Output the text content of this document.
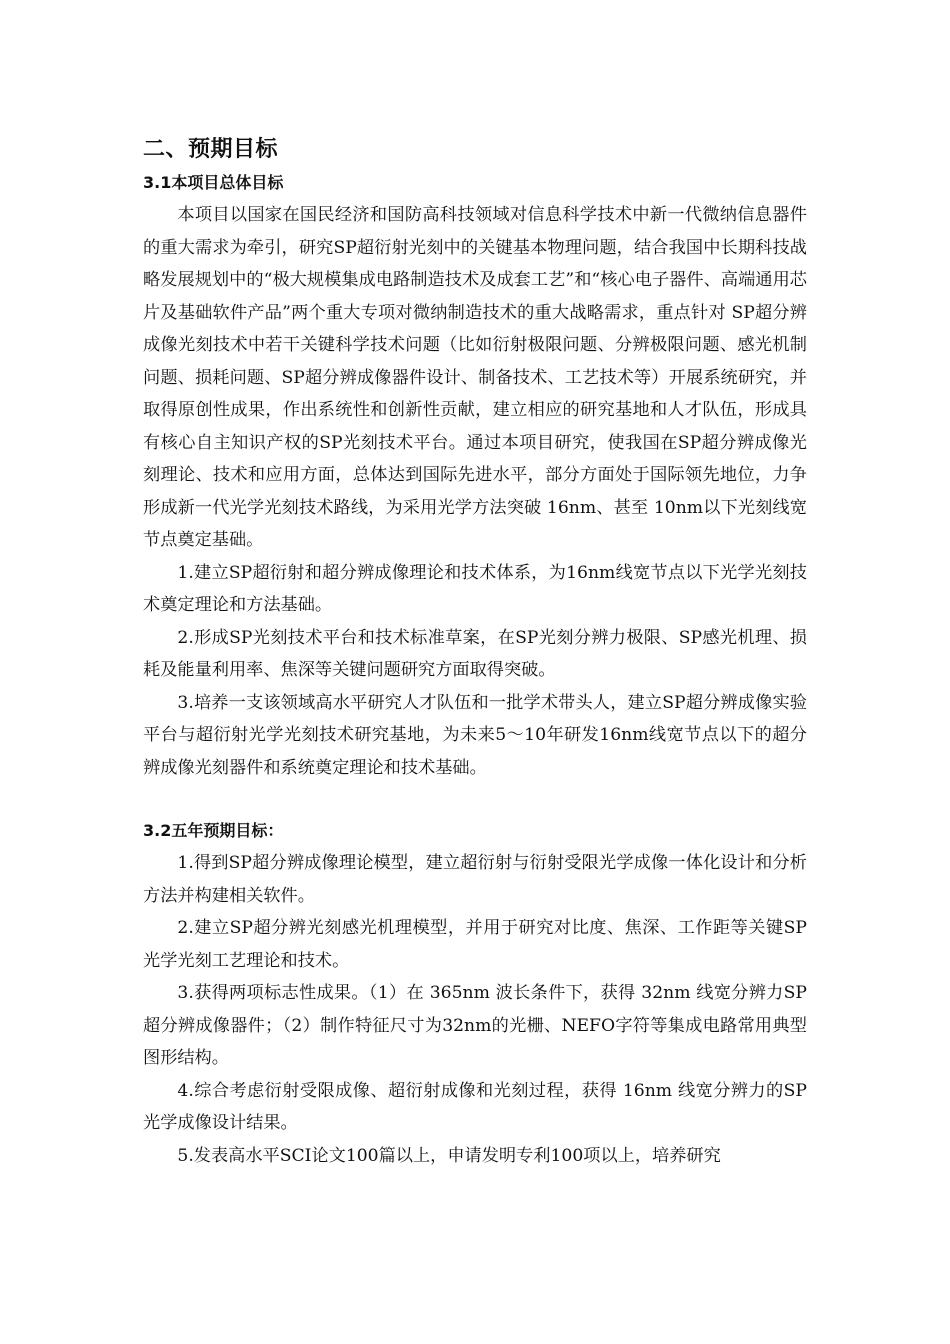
二、预期目标
3.1本项目总体目标

本项目以国家在国民经济和国防高科技领域对信息科学技术中新一代微纳信息器件的重大需求为牵引，研究SP超衍射光刻中的关键基本物理问题，结合我国中长期科技战略发展规划中的“极大规模集成电路制造技术及成套工艺”和“核心电子器件、高端通用芯片及基础软件产品”两个重大专项对微纳制造技术的重大战略需求，重点针对 SP超分辨成像光刻技术中若干关键科学技术问题（比如衍射极限问题、分辨极限问题、感光机制问题、损耗问题、SP超分辨成像器件设计、制备技术、工艺技术等）开展系统研究，并取得原创性成果，作出系统性和创新性贡献，建立相应的研究基地和人才队伍，形成具有核心自主知识产权的SP光刻技术平台。通过本项目研究，使我国在SP超分辨成像光刻理论、技术和应用方面，总体达到国际先进水平，部分方面处于国际领先地位，力争形成新一代光学光刻技术路线，为采用光学方法突破 16nm、甚至 10nm以下光刻线宽节点奠定基础。

1.建立SP超衍射和超分辨成像理论和技术体系，为16nm线宽节点以下光学光刻技术奠定理论和方法基础。

2.形成SP光刻技术平台和技术标准草案，在SP光刻分辨力极限、SP感光机理、损耗及能量利用率、焦深等关键问题研究方面取得突破。

3.培养一支该领域高水平研究人才队伍和一批学术带头人，建立SP超分辨成像实验平台与超衍射光学光刻技术研究基地，为未来5～10年研发16nm线宽节点以下的超分辨成像光刻器件和系统奠定理论和技术基础。

3.2五年预期目标：

1.得到SP超分辨成像理论模型，建立超衍射与衍射受限光学成像一体化设计和分析方法并构建相关软件。

2.建立SP超分辨光刻感光机理模型，并用于研究对比度、焦深、工作距等关键SP光学光刻工艺理论和技术。

3.获得两项标志性成果。（1）在 365nm 波长条件下，获得 32nm 线宽分辨力SP超分辨成像器件；（2）制作特征尺寸为32nm的光栅、NEFO字符等集成电路常用典型图形结构。

4.综合考虑衍射受限成像、超衍射成像和光刻过程，获得 16nm 线宽分辨力的SP光学成像设计结果。

5.发表高水平SCI论文100篇以上，申请发明专利100项以上，培养研究
